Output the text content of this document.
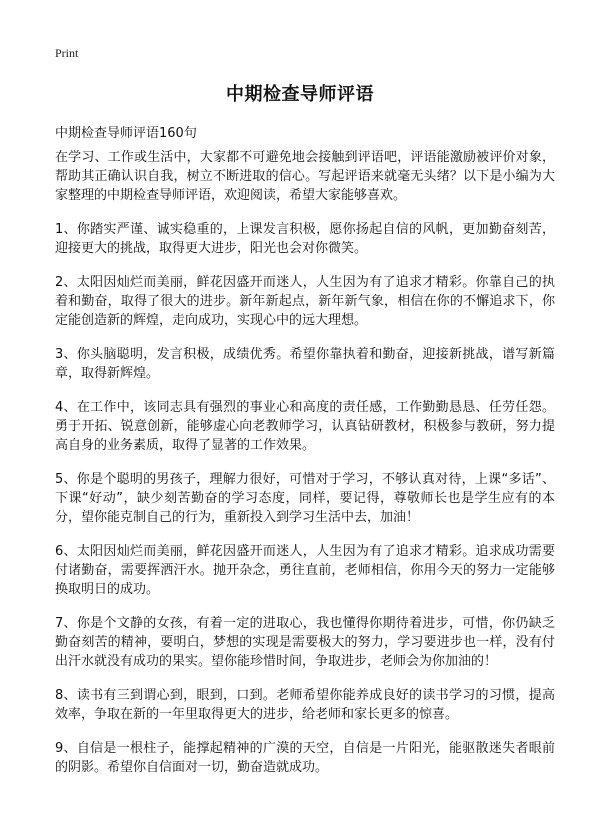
Print
中期检查导师评语

中期检查导师评语160句

在学习、工作或生活中，大家都不可避免地会接触到评语吧，评语能激励被评价对象，帮助其正确认识自我，树立不断进取的信心。写起评语来就毫无头绪？以下是小编为大家整理的中期检查导师评语，欢迎阅读，希望大家能够喜欢。

1、你踏实严谨、诚实稳重的，上课发言积极，愿你扬起自信的风帆，更加勤奋刻苦，迎接更大的挑战，取得更大进步，阳光也会对你微笑。

2、太阳因灿烂而美丽，鲜花因盛开而迷人，人生因为有了追求才精彩。你靠自己的执着和勤奋，取得了很大的进步。新年新起点，新年新气象，相信在你的不懈追求下，你定能创造新的辉煌，走向成功，实现心中的远大理想。

3、你头脑聪明，发言积极，成绩优秀。希望你靠执着和勤奋，迎接新挑战，谱写新篇章，取得新辉煌。

4、在工作中，该同志具有强烈的事业心和高度的责任感，工作勤勤恳恳、任劳任怨。勇于开拓、锐意创新，能够虚心向老教师学习，认真钻研教材，积极参与教研，努力提高自身的业务素质，取得了显著的工作效果。

5、你是个聪明的男孩子，理解力很好，可惜对于学习，不够认真对待，上课“多话”、下课“好动”，缺少刻苦勤奋的学习态度，同样，要记得，尊敬师长也是学生应有的本分，望你能克制自己的行为，重新投入到学习生活中去，加油！

6、太阳因灿烂而美丽，鲜花因盛开而迷人，人生因为有了追求才精彩。追求成功需要付诸勤奋，需要挥洒汗水。抛开杂念，勇往直前，老师相信，你用今天的努力一定能够换取明日的成功。

7、你是个文静的女孩，有着一定的进取心，我也懂得你期待着进步，可惜，你仍缺乏勤奋刻苦的精神，要明白，梦想的实现是需要极大的努力，学习要进步也一样，没有付出汗水就没有成功的果实。望你能珍惜时间，争取进步，老师会为你加油的！

8、读书有三到谓心到，眼到，口到。老师希望你能养成良好的读书学习的习惯，提高效率，争取在新的一年里取得更大的进步，给老师和家长更多的惊喜。

9、自信是一根柱子，能撑起精神的广漠的天空，自信是一片阳光，能驱散迷失者眼前的阴影。希望你自信面对一切，勤奋造就成功。
